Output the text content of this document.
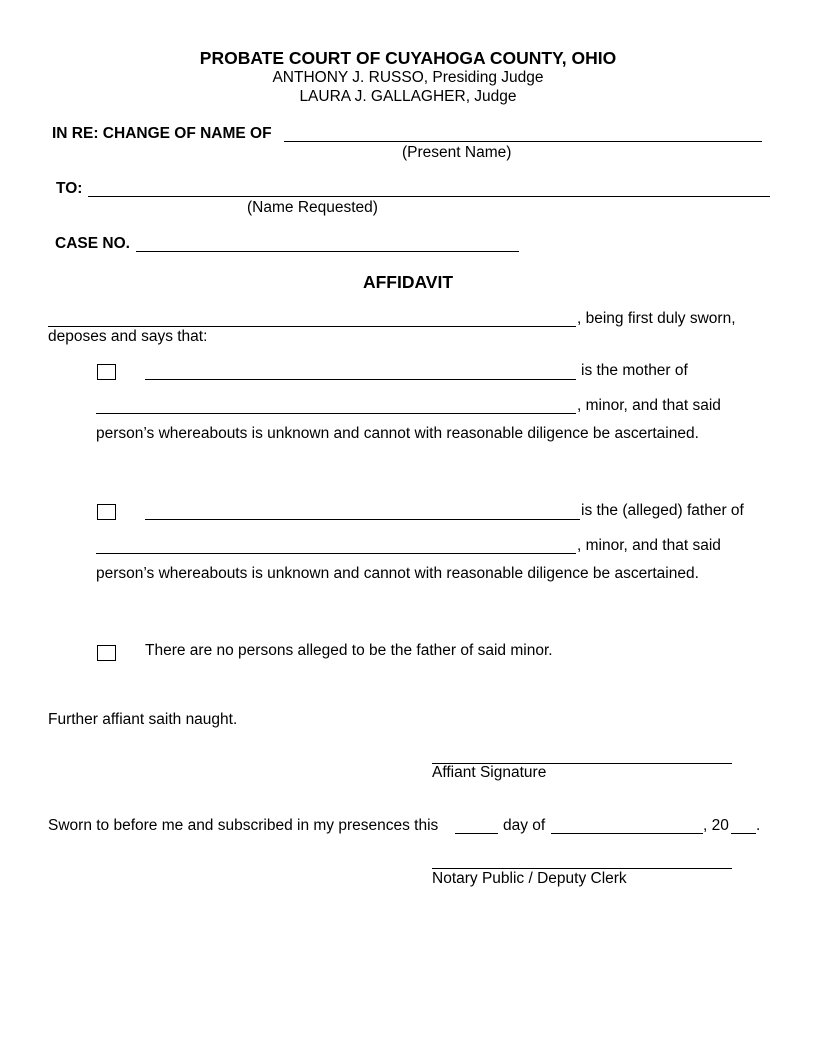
PROBATE COURT OF CUYAHOGA COUNTY, OHIO
ANTHONY J. RUSSO, Presiding Judge
LAURA J. GALLAGHER, Judge
IN RE: CHANGE OF NAME OF
(Present Name)
TO:
(Name Requested)
CASE NO.
AFFIDAVIT
, being first duly sworn,
deposes and says that:
is the mother of
, minor, and that said
person’s whereabouts is unknown and cannot with reasonable diligence be ascertained.
is the (alleged) father of
, minor, and that said
person’s whereabouts is unknown and cannot with reasonable diligence be ascertained.
There are no persons alleged to be the father of said minor.
Further affiant saith naught.
Affiant Signature
Sworn to before me and subscribed in my presences this	day of	, 20 .
Notary Public / Deputy Clerk
